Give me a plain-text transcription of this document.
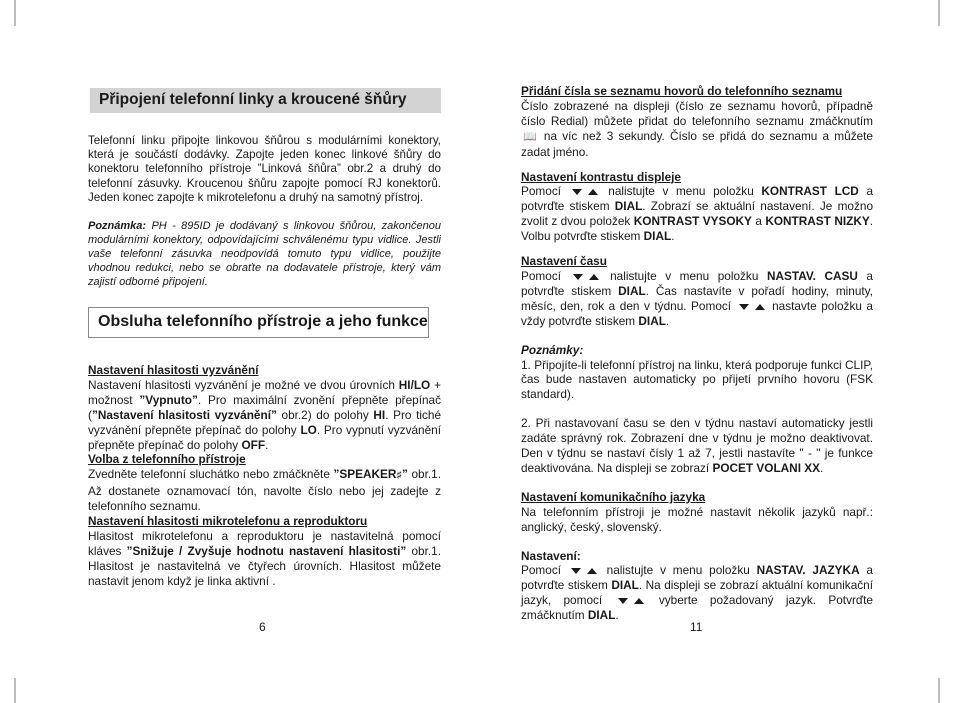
Připojení telefonní linky a kroucené šňůry

Telefonní linku připojte linkovou šňůrou s modulárními konektory, která je součástí dodávky. Zapojte jeden konec linkové šňůry do konektoru telefonního přístroje ”Linková šňůra” obr.2 a druhý do telefonní zásuvky. Kroucenou šňůru zapojte pomocí RJ konektorů. Jeden konec zapojte k mikrotelefonu a druhý na samotný přístroj.

Poznámka: PH - 895ID je dodávaný s linkovou šňůrou, zakončenou modulárními konektory, odpovídajícími schválenému typu vidlice. Jestli vaše telefonní zásuvka neodpovídá tomuto typu vidlice, použijte vhodnou redukci, nebo se obraťte na dodavatele přístroje, který vám zajistí odborné připojení.

Obsluha telefonního přístroje a jeho funkce

Nastavení hlasitosti vyzvánění
Nastavení hlasitosti vyzvánění je možné ve dvou úrovních HI/LO + možnost ”Vypnuto”. Pro maximální zvonění přepněte přepínač (”Nastavení hlasitosti vyzvánění” obr.2) do polohy HI. Pro tiché vyzvánění přepněte přepínač do polohy LO. Pro vypnutí vyzvánění přepněte přepínač do polohy OFF.
Volba z telefonního přístroje
Zvedněte telefonní sluchátko nebo zmáčkněte ”SPEAKER♯” obr.1. Až dostanete oznamovací tón, navolte číslo nebo jej zadejte z telefonního seznamu.
Nastavení hlasitosti mikrotelefonu a reproduktoru
Hlasitost mikrotelefonu a reproduktoru je nastavitelná pomocí kláves ”Snižuje / Zvyšuje hodnotu nastavení hlasitosti” obr.1. Hlasitost je nastavitelná ve čtyřech úrovních. Hlasitost můžete nastavit jenom když je linka aktivní .

6

Přidání čísla se seznamu hovorů do telefonního seznamu
Číslo zobrazené na displeji (číslo ze seznamu hovorů, případně číslo Redial) můžete přidat do telefonního seznamu zmáčknutím 📖 na víc než 3 sekundy. Číslo se přidá do seznamu a můžete zadat jméno.

Nastavení kontrastu displeje
Pomocí	nalistujte v menu položku KONTRAST LCD a potvrďte stiskem DIAL. Zobrazí se aktuální nastavení. Je možno zvolit z dvou položek KONTRAST VYSOKY a KONTRAST NIZKY. Volbu potvrďte stiskem DIAL.

Nastavení času
Pomocí	nalistujte v menu položku NASTAV. CASU a potvrďte stiskem DIAL. Čas nastavíte v pořadí hodiny, minuty, měsíc, den, rok a den v týdnu. Pomocí	nastavte položku a vždy potvrďte stiskem DIAL.

Poznámky:
1. Připojíte-li telefonní přístroj na linku, která podporuje funkci CLIP, čas bude nastaven automaticky po přijetí prvního hovoru (FSK standard).

2. Při nastavovaní času se den v týdnu nastaví automaticky jestli zadáte správný rok. Zobrazení dne v týdnu je možno deaktivovat. Den v týdnu se nastaví čísly 1 až 7, jestli nastavíte " - " je funkce deaktivována. Na displeji se zobrazí POCET VOLANI XX.

Nastavení komunikačního jazyka
Na telefonním přístroji je možné nastavit několik jazyků např.: anglický, český, slovenský.

Nastavení:
Pomocí	nalistujte v menu položku NASTAV. JAZYKA a potvrďte stiskem DIAL. Na displeji se zobrazí aktuální komunikační jazyk, pomocí	vyberte požadovaný jazyk. Potvrďte zmáčknutím DIAL.

11
